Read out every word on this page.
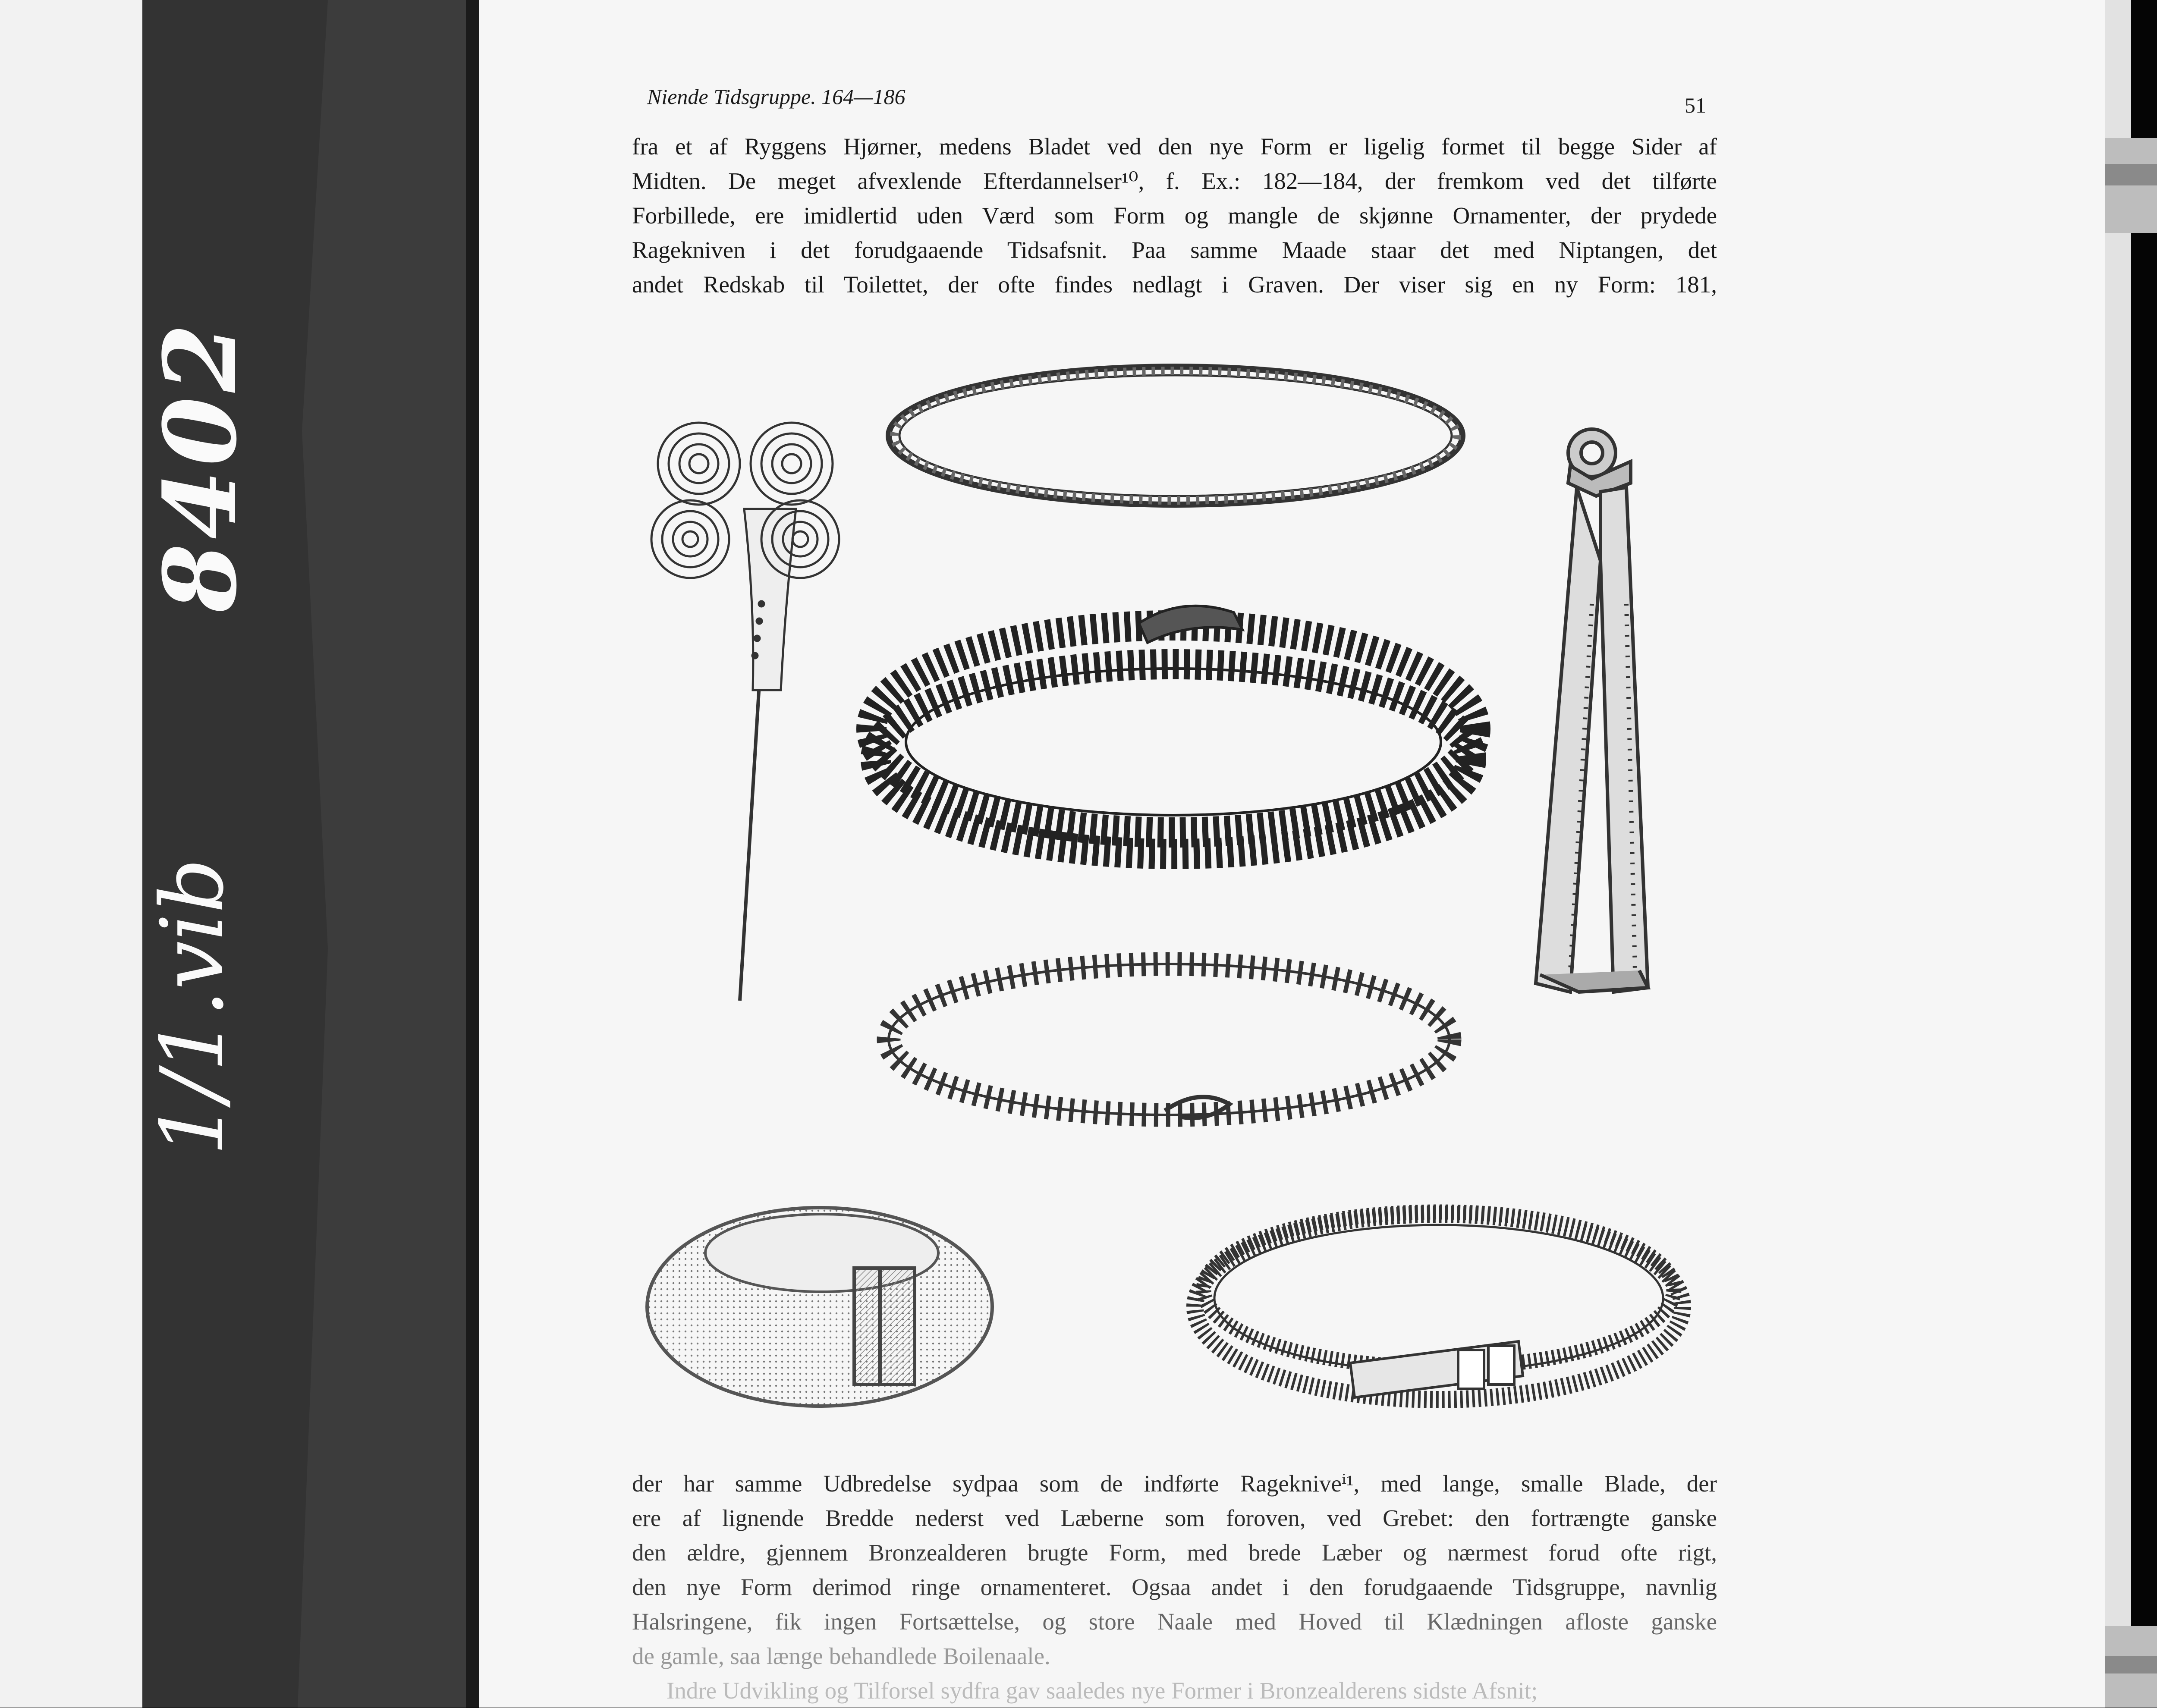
8402
1/1.vib
Niende Tidsgruppe. 164—186	51
fra et af Ryggens Hjørner, medens Bladet ved den nye Form er ligelig formet til begge Sider af
Midten. De meget afvexlende Efterdannelser¹⁰, f. Ex.: 182—184, der fremkom ved det tilførte
Forbillede, ere imidlertid uden Værd som Form og mangle de skjønne Ornamenter, der prydede
Ragekniven i det forudgaaende Tidsafsnit. Paa samme Maade staar det med Niptangen, det
andet Redskab til Toilettet, der ofte findes nedlagt i Graven. Der viser sig en ny Form: 181,
der har samme Udbredelse sydpaa som de indførte Ragekniveⁱ¹, med lange, smalle Blade, der
ere af lignende Bredde nederst ved Læberne som foroven, ved Grebet: den fortrængte ganske
den ældre, gjennem Bronzealderen brugte Form, med brede Læber og nærmest forud ofte rigt,
den nye Form derimod ringe ornamenteret. Ogsaa andet i den forudgaaende Tidsgruppe, navnlig
Halsringene, fik ingen Fortsættelse, og store Naale med Hoved til Klædningen afloste ganske
de gamle, saa længe behandlede Boilenaale.
Indre Udvikling og Tilforsel sydfra gav saaledes nye Former i Bronzealderens sidste Afsnit;
